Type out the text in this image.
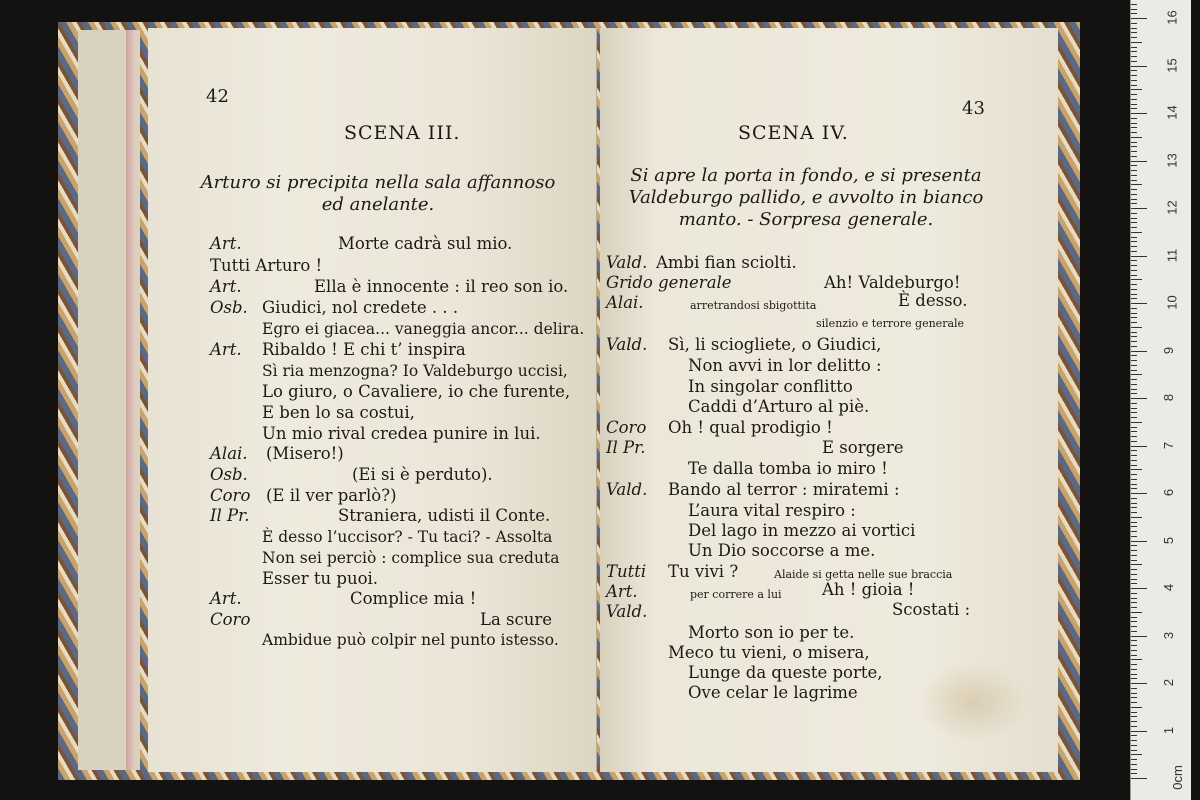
42
SCENA III.
Arturo si precipita nella sala affannoso
ed anelante.
Art.	Morte cadrà sul mio.
Tutti Arturo !
Art.	Ella è innocente : il reo son io.
Osb. Giudici, nol credete . . .
Egro ei giacea... vaneggia ancor... delira.
Art. Ribaldo ! E chi t’ inspira
Sì ria menzogna? Io Valdeburgo uccisi,
Lo giuro, o Cavaliere, io che furente,
E ben lo sa costui,
Un mio rival credea punire in lui.
Alai. (Misero!)
Osb.	(Ei si è perduto).
Coro (E il ver parlò?)
Il Pr.	Straniera, udisti il Conte.
È desso l’uccisor? - Tu taci? - Assolta
Non sei perciò : complice sua creduta
Esser tu puoi.
Art.	Complice mia !
Coro	La scure
Ambidue può colpir nel punto istesso.
43
SCENA IV.
Si apre la porta in fondo, e si presenta
Valdeburgo pallido, e avvolto in bianco
manto. - Sorpresa generale.
Vald. Ambi fian sciolti.
Grido generale	Ah! Valdeburgo!
Alai.	arretrandosi sbigottita	È desso.
silenzio e terrore generale
Vald. Sì, li sciogliete, o Giudici,
Non avvi in lor delitto :
In singolar conflitto
Caddi d’Arturo al piè.
Coro Oh ! qual prodigio !
Il Pr.	E sorgere
Te dalla tomba io miro !
Vald. Bando al terror : miratemi :
L’aura vital respiro :
Del lago in mezzo ai vortici
Un Dio soccorse a me.
Tutti Tu vivi ?	Alaide si getta nelle sue braccia
Art.	per correre a lui Ah ! gioia !
Vald.	Scostati :
Morto son io per te.
Meco tu vieni, o misera,
Lunge da queste porte,
Ove celar le lagrime
0cm
1
2
3
4
5
6
7
8
9
10
11
12
13
14
15
16
